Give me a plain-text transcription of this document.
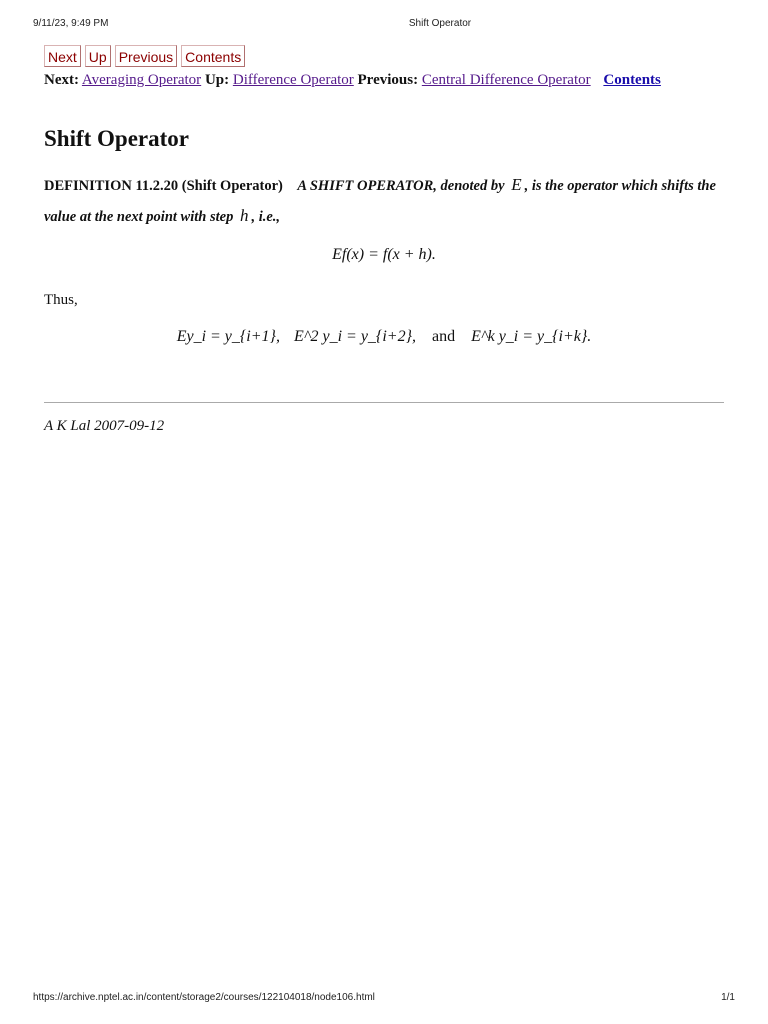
9/11/23, 9:49 PM	Shift Operator
Next Up Previous Contents
Next: Averaging Operator Up: Difference Operator Previous: Central Difference Operator Contents
Shift Operator
DEFINITION 11.2.20 (Shift Operator) A SHIFT OPERATOR, denoted by E , is the operator which shifts the value at the next point with step h , i.e.,
Ef(x) = f(x + h).
Thus,
Ey_i = y_{i+1}, E^2 y_i = y_{i+2}, and E^k y_i = y_{i+k}.
A K Lal 2007-09-12
https://archive.nptel.ac.in/content/storage2/courses/122104018/node106.html	1/1
